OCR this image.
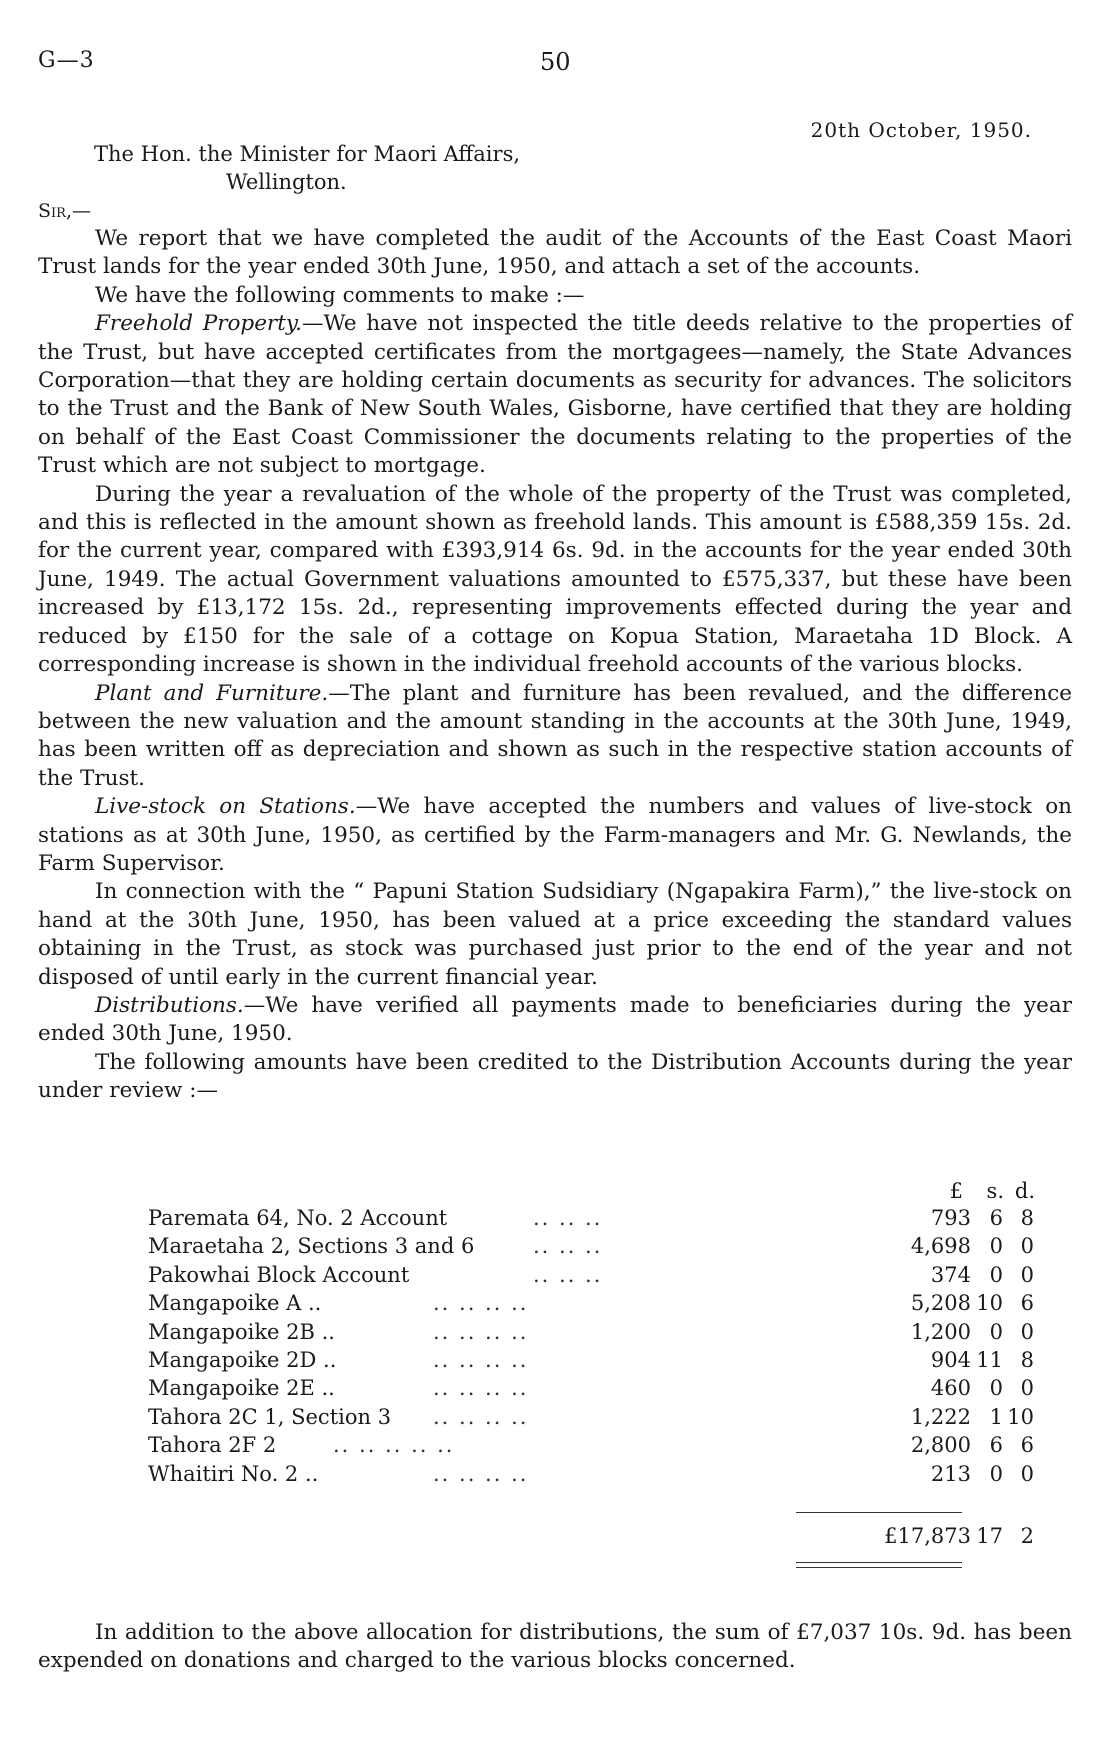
G—3	50
20th October, 1950.
The Hon. the Minister for Maori Affairs,
Wellington.
Sir,—

We report that we have completed the audit of the Accounts of the East Coast Maori Trust lands for the year ended 30th June, 1950, and attach a set of the accounts.

We have the following comments to make :—

Freehold Property.—We have not inspected the title deeds relative to the properties of the Trust, but have accepted certificates from the mortgagees—namely, the State Advances Corporation—that they are holding certain documents as security for advances. The solicitors to the Trust and the Bank of New South Wales, Gisborne, have certified that they are holding on behalf of the East Coast Commissioner the documents relating to the properties of the Trust which are not subject to mortgage.

During the year a revaluation of the whole of the property of the Trust was completed, and this is reflected in the amount shown as freehold lands. This amount is £588,359 15s. 2d. for the current year, compared with £393,914 6s. 9d. in the accounts for the year ended 30th June, 1949. The actual Government valuations amounted to £575,337, but these have been increased by £13,172 15s. 2d., representing improvements effected during the year and reduced by £150 for the sale of a cottage on Kopua Station, Maraetaha 1D Block. A corresponding increase is shown in the individual freehold accounts of the various blocks.

Plant and Furniture.—The plant and furniture has been revalued, and the difference between the new valuation and the amount standing in the accounts at the 30th June, 1949, has been written off as depreciation and shown as such in the respective station accounts of the Trust.

Live-stock on Stations.—We have accepted the numbers and values of live-stock on stations as at 30th June, 1950, as certified by the Farm-managers and Mr. G. Newlands, the Farm Supervisor.

In connection with the “ Papuni Station Sudsidiary (Ngapakira Farm),” the live-stock on hand at the 30th June, 1950, has been valued at a price exceeding the standard values obtaining in the Trust, as stock was purchased just prior to the end of the year and not disposed of until early in the current financial year.

Distributions.—We have verified all payments made to beneficiaries during the year ended 30th June, 1950.

The following amounts have been credited to the Distribution Accounts during the year under review :—

£ s. d.
Paremata 64, No. 2 Account	.. .. ..	793 6 8
Maraetaha 2, Sections 3 and 6	.. .. ..	4,698 0 0
Pakowhai Block Account	.. .. ..	374 0 0
Mangapoike A ..	.. .. .. ..	5,208 10 6
Mangapoike 2B ..	.. .. .. ..	1,200 0 0
Mangapoike 2D ..	.. .. .. ..	904 11 8
Mangapoike 2E ..	.. .. .. ..	460 0 0
Tahora 2C 1, Section 3 .. .. .. ..	1,222 1 10
Tahora 2F 2	.. .. .. .. ..	2,800 6 6
Whaitiri No. 2 ..	.. .. .. ..	213 0 0
£17,873 17 2

In addition to the above allocation for distributions, the sum of £7,037 10s. 9d. has been expended on donations and charged to the various blocks concerned.
